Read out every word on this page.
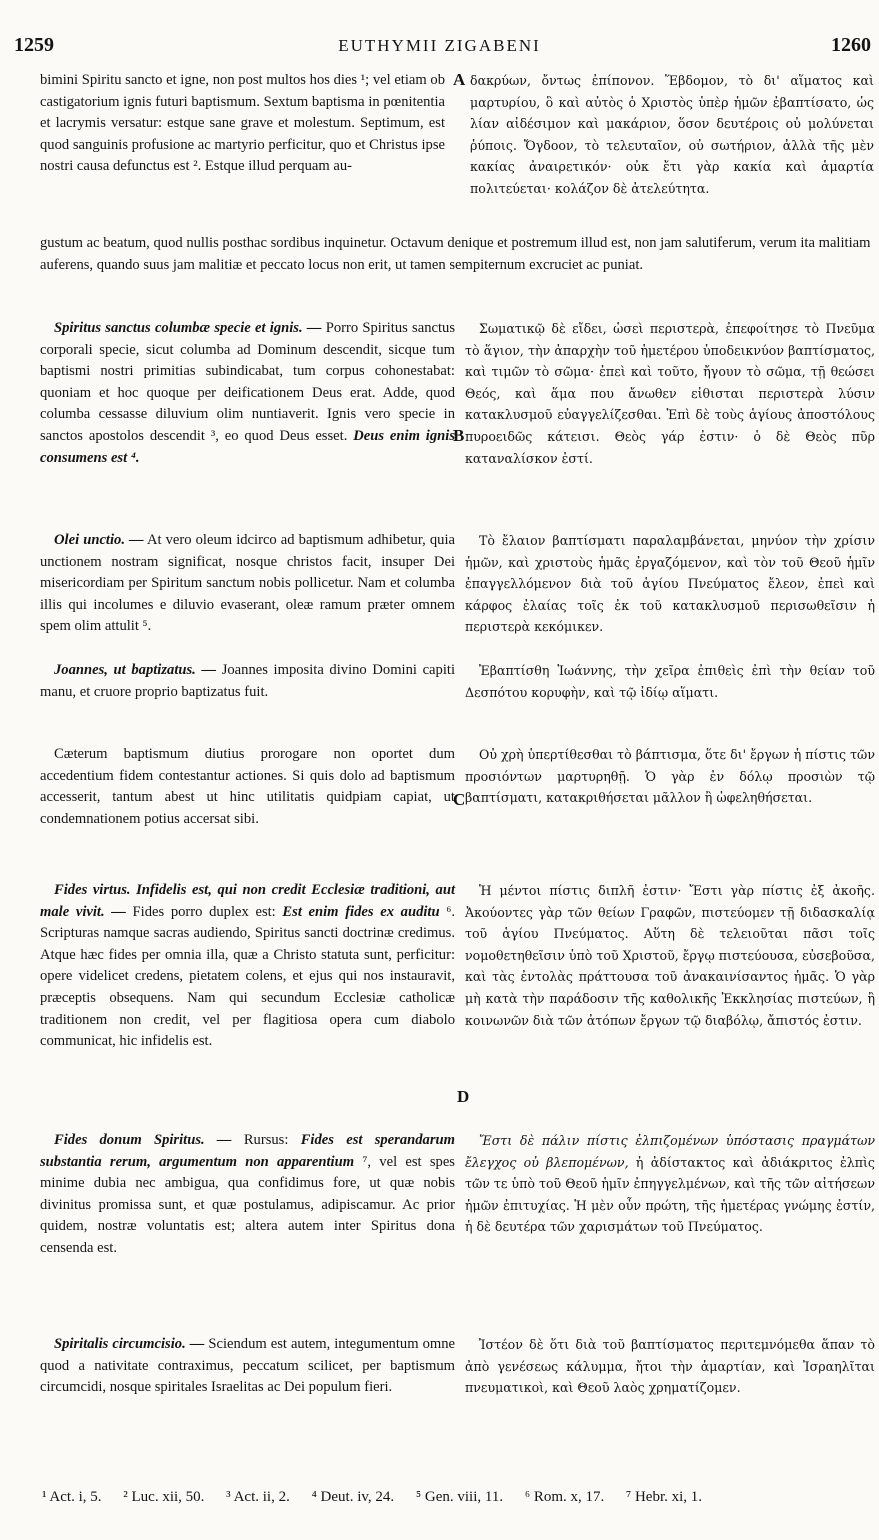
1259	EUTHYMII ZIGABENI	1260

bimini Spiritu sancto et igne, non post multos hos dies ¹; vel etiam ob castigatorium ignis futuri baptismum. Sextum baptisma in pœnitentia et lacrymis versatur: estque sane grave et molestum. Septimum, est quod sanguinis profusione ac martyrio perficitur, quo et Christus ipse nostri causa defunctus est ². Estque illud perquam au-

gustum ac beatum, quod nullis posthac sordibus inquinetur. Octavum denique et postremum illud est, non jam salutiferum, verum ita malitiam auferens, quando suus jam malitiæ et peccato locus non erit, ut tamen sempiternum excruciet ac puniat.

Spiritus sanctus columbæ specie et ignis. — Porro Spiritus sanctus corporali specie, sicut columba ad Dominum descendit, sicque tum baptismi nostri primitias subindicabat, tum corpus cohonestabat: quoniam et hoc quoque per deificationem Deus erat. Adde, quod columba cessasse diluvium olim nuntiaverit. Ignis vero specie in sanctos apostolos descendit ³, eo quod Deus esset. Deus enim ignis consumens est ⁴.

Olei unctio. — At vero oleum idcirco ad baptismum adhibetur, quia unctionem nostram significat, nosque christos facit, insuper Dei misericordiam per Spiritum sanctum nobis pollicetur. Nam et columba illis qui incolumes e diluvio evaserant, oleæ ramum præter omnem spem olim attulit ⁵.

Joannes, ut baptizatus. — Joannes imposita divino Domini capiti manu, et cruore proprio baptizatus fuit.

Cæterum baptismum diutius prorogare non oportet dum accedentium fidem contestantur actiones. Si quis dolo ad baptismum accesserit, tantum abest ut hinc utilitatis quidpiam capiat, ut condemnationem potius accersat sibi.

Fides virtus. Infidelis est, qui non credit Ecclesiæ traditioni, aut male vivit. — Fides porro duplex est: Est enim fides ex auditu ⁶. Scripturas namque sacras audiendo, Spiritus sancti doctrinæ credimus. Atque hæc fides per omnia illa, quæ a Christo statuta sunt, perficitur: opere videlicet credens, pietatem colens, et ejus qui nos instauravit, præceptis obsequens. Nam qui secundum Ecclesiæ catholicæ traditionem non credit, vel per flagitiosa opera cum diabolo communicat, hic infidelis est.

Fides donum Spiritus. — Rursus: Fides est sperandarum substantia rerum, argumentum non apparentium ⁷, vel est spes minime dubia nec ambigua, qua confidimus fore, ut quæ nobis divinitus promissa sunt, et quæ postulamus, adipiscamur. Ac prior quidem, nostræ voluntatis est; altera autem inter Spiritus dona censenda est.

Spiritalis circumcisio. — Sciendum est autem, integumentum omne quod a nativitate contraximus, peccatum scilicet, per baptismum circumcidi, nosque spiritales Israelitas ac Dei populum fieri.

δακρύων, ὄντως ἐπίπονον. Ἕβδομον, τὸ δι' αἵματος καὶ μαρτυρίου, ὃ καὶ αὐτὸς ὁ Χριστὸς ὑπὲρ ἡμῶν ἐβαπτίσατο, ὡς λίαν αἰδέσιμον καὶ μακάριον, ὅσον δευτέροις οὐ μολύνεται ῥύποις. Ὄγδοον, τὸ τελευταῖον, οὐ σωτήριον, ἀλλὰ τῆς μὲν κακίας ἀναιρετικόν· οὐκ ἔτι γὰρ κακία καὶ ἁμαρτία πολιτεύεται· κολάζον δὲ ἀτελεύτητα.

Σωματικῷ δὲ εἴδει, ὡσεὶ περιστερὰ, ἐπεφοίτησε τὸ Πνεῦμα τὸ ἅγιον, τὴν ἀπαρχὴν τοῦ ἡμετέρου ὑποδεικνύον βαπτίσματος, καὶ τιμῶν τὸ σῶμα· ἐπεὶ καὶ τοῦτο, ἤγουν τὸ σῶμα, τῇ θεώσει Θεός, καὶ ἅμα που ἄνωθεν εἰθισται περιστερὰ λύσιν κατακλυσμοῦ εὐαγγελίζεσθαι. Ἐπὶ δὲ τοὺς ἁγίους ἀποστόλους πυροειδῶς κάτεισι. Θεὸς γάρ ἐστιν· ὁ δὲ Θεὸς πῦρ καταναλίσκον ἐστί.

Τὸ ἔλαιον βαπτίσματι παραλαμβάνεται, μηνύον τὴν χρίσιν ἡμῶν, καὶ χριστοὺς ἡμᾶς ἐργαζόμενον, καὶ τὸν τοῦ Θεοῦ ἡμῖν ἐπαγγελλόμενον διὰ τοῦ ἁγίου Πνεύματος ἔλεον, ἐπεὶ καὶ κάρφος ἐλαίας τοῖς ἐκ τοῦ κατακλυσμοῦ περισωθεῖσιν ἡ περιστερὰ κεκόμικεν.

Ἐβαπτίσθη Ἰωάννης, τὴν χεῖρα ἐπιθεὶς ἐπὶ τὴν θείαν τοῦ Δεσπότου κορυφὴν, καὶ τῷ ἰδίῳ αἵματι.

Οὐ χρὴ ὑπερτίθεσθαι τὸ βάπτισμα, ὅτε δι' ἔργων ἡ πίστις τῶν προσιόντων μαρτυρηθῇ. Ὁ γὰρ ἐν δόλῳ προσιὼν τῷ βαπτίσματι, κατακριθήσεται μᾶλλον ἢ ὠφεληθήσεται.

Ἡ μέντοι πίστις διπλῆ ἐστιν· Ἔστι γὰρ πίστις ἐξ ἀκοῆς. Ἀκούοντες γὰρ τῶν θείων Γραφῶν, πιστεύομεν τῇ διδασκαλίᾳ τοῦ ἁγίου Πνεύματος. Αὕτη δὲ τελειοῦται πᾶσι τοῖς νομοθετηθεῖσιν ὑπὸ τοῦ Χριστοῦ, ἔργῳ πιστεύουσα, εὐσεβοῦσα, καὶ τὰς ἐντολὰς πράττουσα τοῦ ἀνακαινίσαντος ἡμᾶς. Ὁ γὰρ μὴ κατὰ τὴν παράδοσιν τῆς καθολικῆς Ἐκκλησίας πιστεύων, ἢ κοινωνῶν διὰ τῶν ἀτόπων ἔργων τῷ διαβόλῳ, ἄπιστός ἐστιν.

Ἔστι δὲ πάλιν πίστις ἐλπιζομένων ὑπόστασις πραγμάτων ἔλεγχος οὐ βλεπομένων, ἡ ἀδίστακτος καὶ ἀδιάκριτος ἐλπὶς τῶν τε ὑπὸ τοῦ Θεοῦ ἡμῖν ἐπηγγελμένων, καὶ τῆς τῶν αἰτήσεων ἡμῶν ἐπιτυχίας. Ἡ μὲν οὖν πρώτη, τῆς ἡμετέρας γνώμης ἐστίν, ἡ δὲ δευτέρα τῶν χαρισμάτων τοῦ Πνεύματος.

Ἰστέον δὲ ὅτι διὰ τοῦ βαπτίσματος περιτεμνόμεθα ἅπαν τὸ ἀπὸ γενέσεως κάλυμμα, ἤτοι τὴν ἁμαρτίαν, καὶ Ἰσραηλῖται πνευματικοὶ, καὶ Θεοῦ λαὸς χρηματίζομεν.

A
B
C
D
¹ Act. i, 5. ² Luc. xii, 50. ³ Act. ii, 2. ⁴ Deut. iv, 24. ⁵ Gen. viii, 11. ⁶ Rom. x, 17. ⁷ Hebr. xi, 1.
